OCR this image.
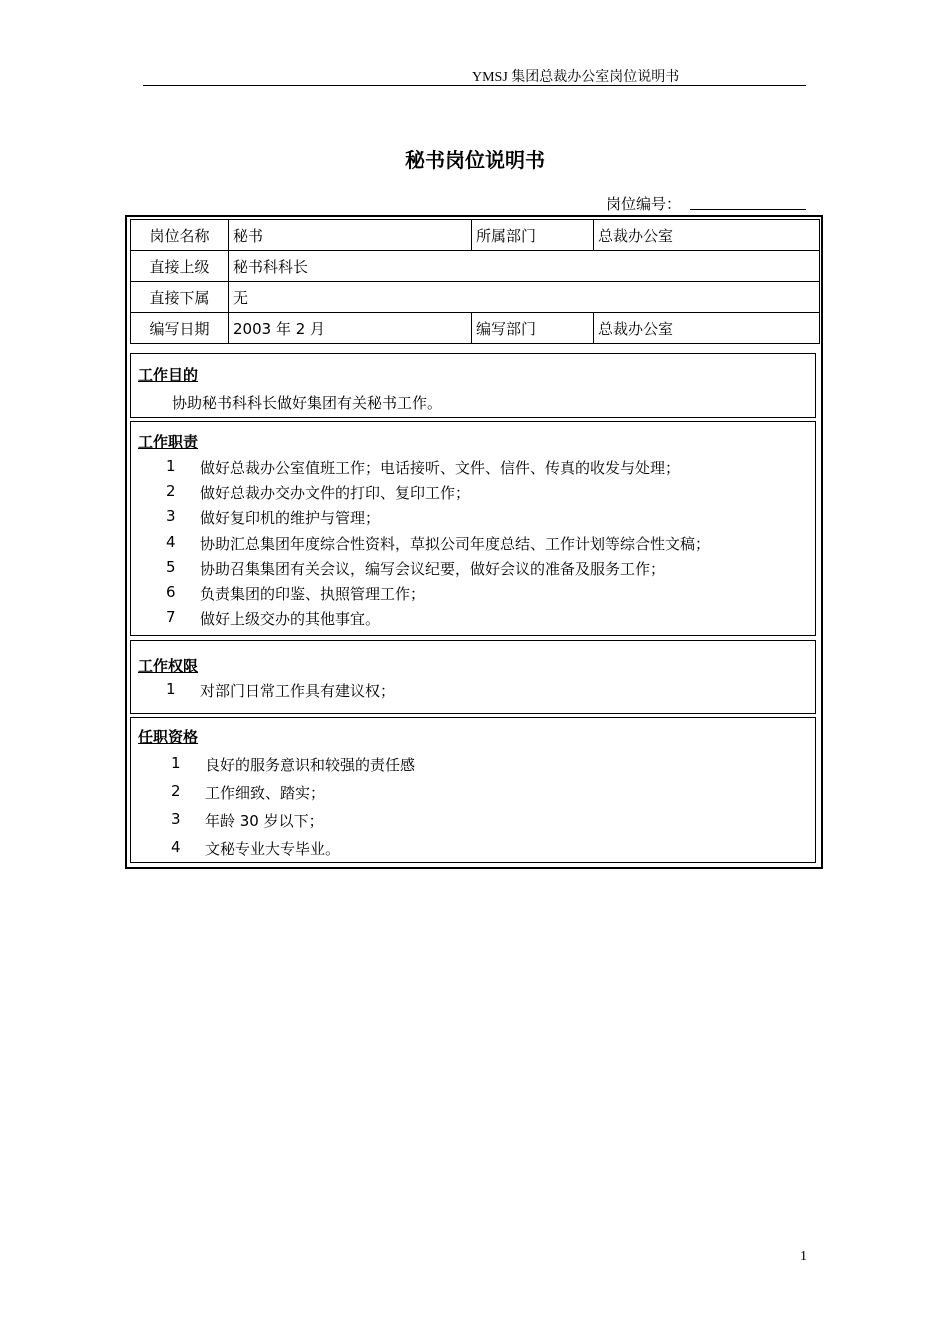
YMSJ 集团总裁办公室岗位说明书
秘书岗位说明书
岗位编号：
岗位名称	秘书	所属部门	总裁办公室
直接上级	秘书科科长		
直接下属	无		
编写日期	2003 年 2 月	编写部门	总裁办公室
工作目的
协助秘书科科长做好集团有关秘书工作。
工作职责
1 做好总裁办公室值班工作；电话接听、文件、信件、传真的收发与处理；
2 做好总裁办交办文件的打印、复印工作；
3 做好复印机的维护与管理；
4 协助汇总集团年度综合性资料，草拟公司年度总结、工作计划等综合性文稿；
5 协助召集集团有关会议，编写会议纪要，做好会议的准备及服务工作；
6 负责集团的印鉴、执照管理工作；
7 做好上级交办的其他事宜。
工作权限
1 对部门日常工作具有建议权；
任职资格
1 良好的服务意识和较强的责任感
2 工作细致、踏实；
3 年龄 30 岁以下；
4 文秘专业大专毕业。
1
